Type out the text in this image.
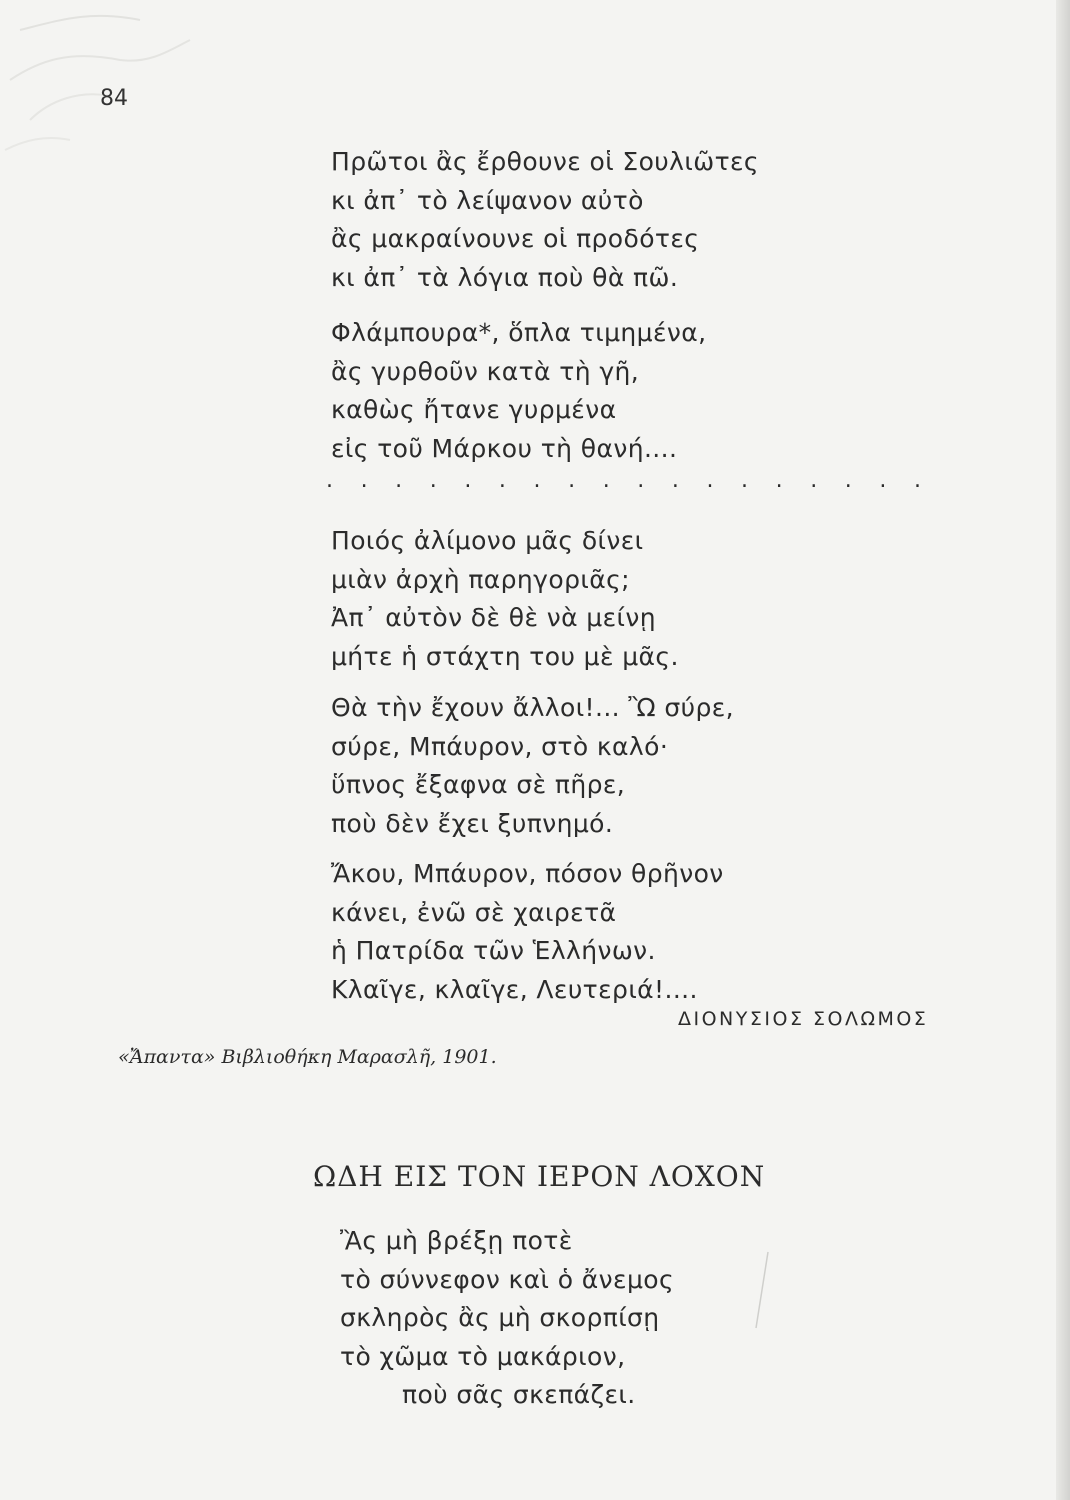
84
Πρῶτοι ἂς ἔρθουνε οἱ Σουλιῶτες
κι ἀπ᾽ τὸ λείψανον αὐτὸ
ἂς μακραίνουνε οἱ προδότες
κι ἀπ᾽ τὰ λόγια ποὺ θὰ πῶ.
Φλάμπουρα*, ὅπλα τιμημένα,
ἂς γυρθοῦν κατὰ τὴ γῆ,
καθὼς ἤτανε γυρμένα
εἰς τοῦ Μάρκου τὴ θανή....
. . . . . . . . . . . . . . . . . .
Ποιός ἀλίμονο μᾶς δίνει
μιὰν ἀρχὴ παρηγοριᾶς;
Ἀπ᾽ αὐτὸν δὲ θὲ νὰ μείνῃ
μήτε ἡ στάχτη του μὲ μᾶς.
Θὰ τὴν ἔχουν ἄλλοι!... Ὢ σύρε,
σύρε, Μπάυρον, στὸ καλό·
ὕπνος ἔξαφνα σὲ πῆρε,
ποὺ δὲν ἔχει ξυπνημό.
Ἄκου, Μπάυρον, πόσον θρῆνον
κάνει, ἐνῶ σὲ χαιρετᾶ
ἡ Πατρίδα τῶν Ἑλλήνων.
Κλαῖγε, κλαῖγε, Λευτεριά!....
ΔΙΟΝΥΣΙΟΣ ΣΟΛΩΜΟΣ
«Ἄπαντα» Βιβλιοθήκη Μαρασλῆ, 1901.
ΩΔΗ ΕΙΣ ΤΟΝ ΙΕΡΟΝ ΛΟΧΟΝ
Ἂς μὴ βρέξῃ ποτὲ
τὸ σύννεφον καὶ ὁ ἄνεμος
σκληρὸς ἂς μὴ σκορπίσῃ
τὸ χῶμα τὸ μακάριον,
ποὺ σᾶς σκεπάζει.
